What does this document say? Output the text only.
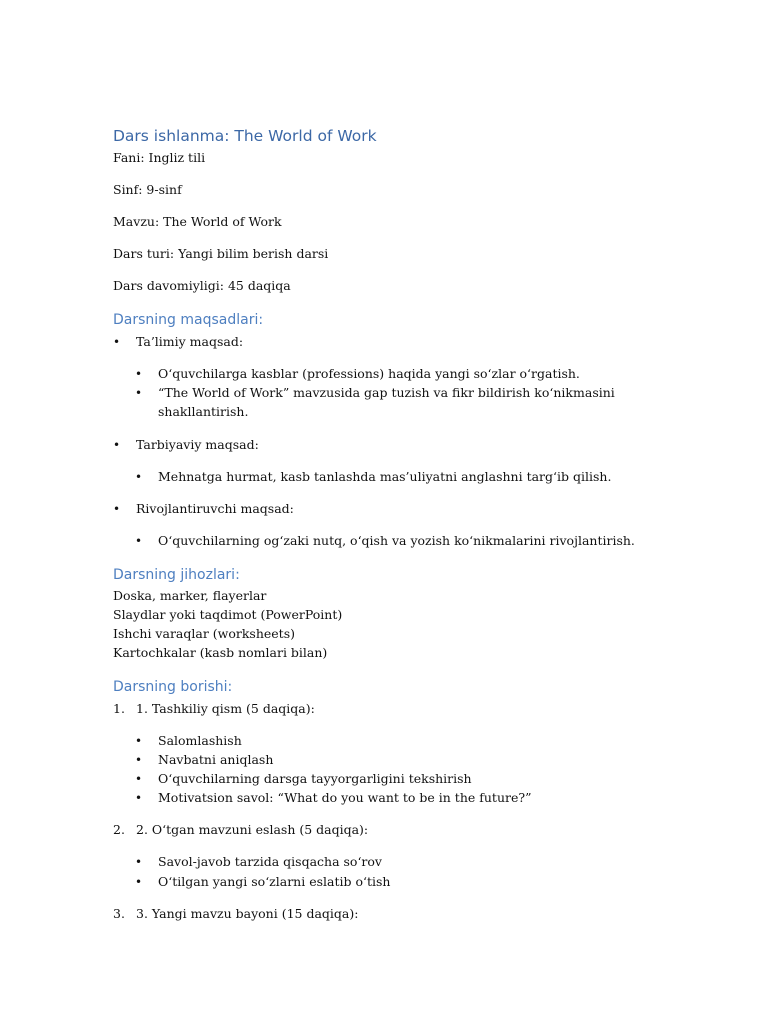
Dars ishlanma: The World of Work
Fani: Ingliz tili
Sinf: 9-sinf
Mavzu: The World of Work
Dars turi: Yangi bilim berish darsi
Dars davomiyligi: 45 daqiqa
Darsning maqsadlari:
• Ta’limiy maqsad:
• O‘quvchilarga kasblar (professions) haqida yangi so‘zlar o‘rgatish.
• “The World of Work” mavzusida gap tuzish va fikr bildirish ko‘nikmasini
shakllantirish.
• Tarbiyaviy maqsad:
• Mehnatga hurmat, kasb tanlashda mas’uliyatni anglashni targ‘ib qilish.
• Rivojlantiruvchi maqsad:
• O‘quvchilarning og‘zaki nutq, o‘qish va yozish ko‘nikmalarini rivojlantirish.
Darsning jihozlari:
Doska, marker, flayerlar
Slaydlar yoki taqdimot (PowerPoint)
Ishchi varaqlar (worksheets)
Kartochkalar (kasb nomlari bilan)
Darsning borishi:
1. 1. Tashkiliy qism (5 daqiqa):
• Salomlashish
• Navbatni aniqlash
• O‘quvchilarning darsga tayyorgarligini tekshirish
• Motivatsion savol: “What do you want to be in the future?”
2. 2. O‘tgan mavzuni eslash (5 daqiqa):
• Savol-javob tarzida qisqacha so‘rov
• O‘tilgan yangi so‘zlarni eslatib o‘tish
3. 3. Yangi mavzu bayoni (15 daqiqa):
